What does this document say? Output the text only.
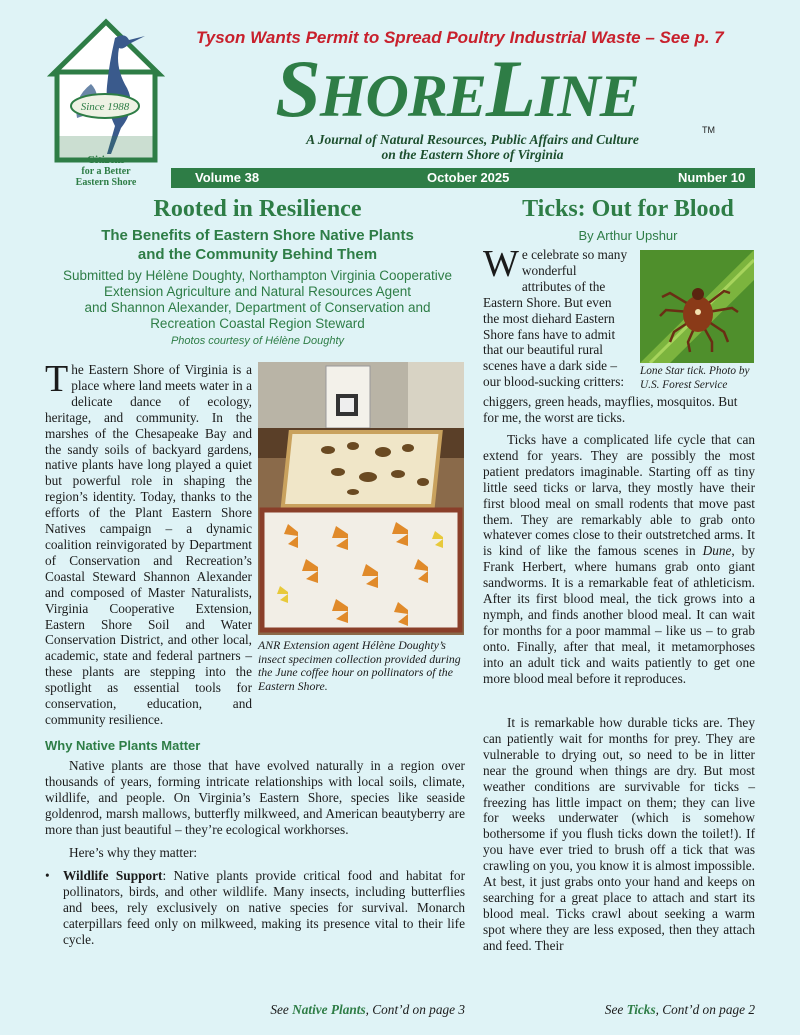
Since 1988
Citizens
for a Better
Eastern Shore
Tyson Wants Permit to Spread Poultry Industrial Waste – See p. 7
SHORELINE
TM
A Journal of Natural Resources, Public Affairs and Culture
on the Eastern Shore of Virginia
Volume 38	October 2025	Number 10
Rooted in Resilience
The Benefits of Eastern Shore Native Plants
and the Community Behind Them
Submitted by Hélène Doughty, Northampton Virginia Cooperative
Extension Agriculture and Natural Resources Agent
and Shannon Alexander, Department of Conservation and
Recreation Coastal Region Steward
Photos courtesy of Hélène Doughty
The Eastern Shore of Virginia is a place where land meets water in a delicate dance of ecology, heritage, and community. In the marshes of the Chesapeake Bay and the sandy soils of backyard gardens, native plants have long played a quiet but powerful role in shaping the region’s identity. Today, thanks to the efforts of the Plant Eastern Shore Natives campaign – a dynamic coalition reinvigorated by Department of Conservation and Recreation’s Coastal Steward Shannon Alexander and composed of Master Naturalists, Virginia Cooperative Extension, Eastern Shore Soil and Water Conservation District, and other local, academic, state and federal partners – these plants are stepping into the spotlight as essential tools for conservation, education, and community resilience.
ANR Extension agent Hélène Doughty’s insect specimen collection provided during the June coffee hour on pollinators of the Eastern Shore.
Why Native Plants Matter
Native plants are those that have evolved naturally in a region over thousands of years, forming intricate relationships with local soils, climate, wildlife, and people. On Virginia’s Eastern Shore, species like seaside goldenrod, marsh mallows, butterfly milkweed, and American beautyberry are more than just beautiful – they’re ecological workhorses.
Here’s why they matter:
• Wildlife Support: Native plants provide critical food and habitat for pollinators, birds, and other wildlife. Many insects, including butterflies and bees, rely exclusively on native species for survival. Monarch caterpillars feed only on milkweed, making its presence vital to their life cycle.
See Native Plants, Cont’d on page 3
Ticks: Out for Blood
By Arthur Upshur
We celebrate so many wonderful attributes of the Eastern Shore. But even the most diehard Eastern Shore fans have to admit that our beautiful rural scenes have a dark side – our blood-sucking critters:
Lone Star tick. Photo by U.S. Forest Service
chiggers, green heads, mayflies, mosquitos. But for me, the worst are ticks.
Ticks have a complicated life cycle that can extend for years. They are possibly the most patient predators imaginable. Starting off as tiny little seed ticks or larva, they mostly have their first blood meal on small rodents that move past them. They are remarkably able to grab onto whatever comes close to their outstretched arms. It is kind of like the famous scenes in Dune, by Frank Herbert, where humans grab onto giant sandworms. It is a remarkable feat of athleticism. After its first blood meal, the tick grows into a nymph, and finds another blood meal. It can wait for months for a poor mammal – like us – to grab onto. Finally, after that meal, it metamorphoses into an adult tick and waits patiently to get one more blood meal before it reproduces.
It is remarkable how durable ticks are. They can patiently wait for months for prey. They are vulnerable to drying out, so need to be in litter near the ground when things are dry. But most weather conditions are survivable for ticks – freezing has little impact on them; they can live for weeks underwater (which is somehow bothersome if you flush ticks down the toilet!). If you have ever tried to brush off a tick that was crawling on you, you know it is almost impossible. At best, it just grabs onto your hand and keeps on searching for a great place to attach and start its blood meal. Ticks crawl about seeking a warm spot where they are less exposed, then they attach and feed. Their
See Ticks, Cont’d on page 2
